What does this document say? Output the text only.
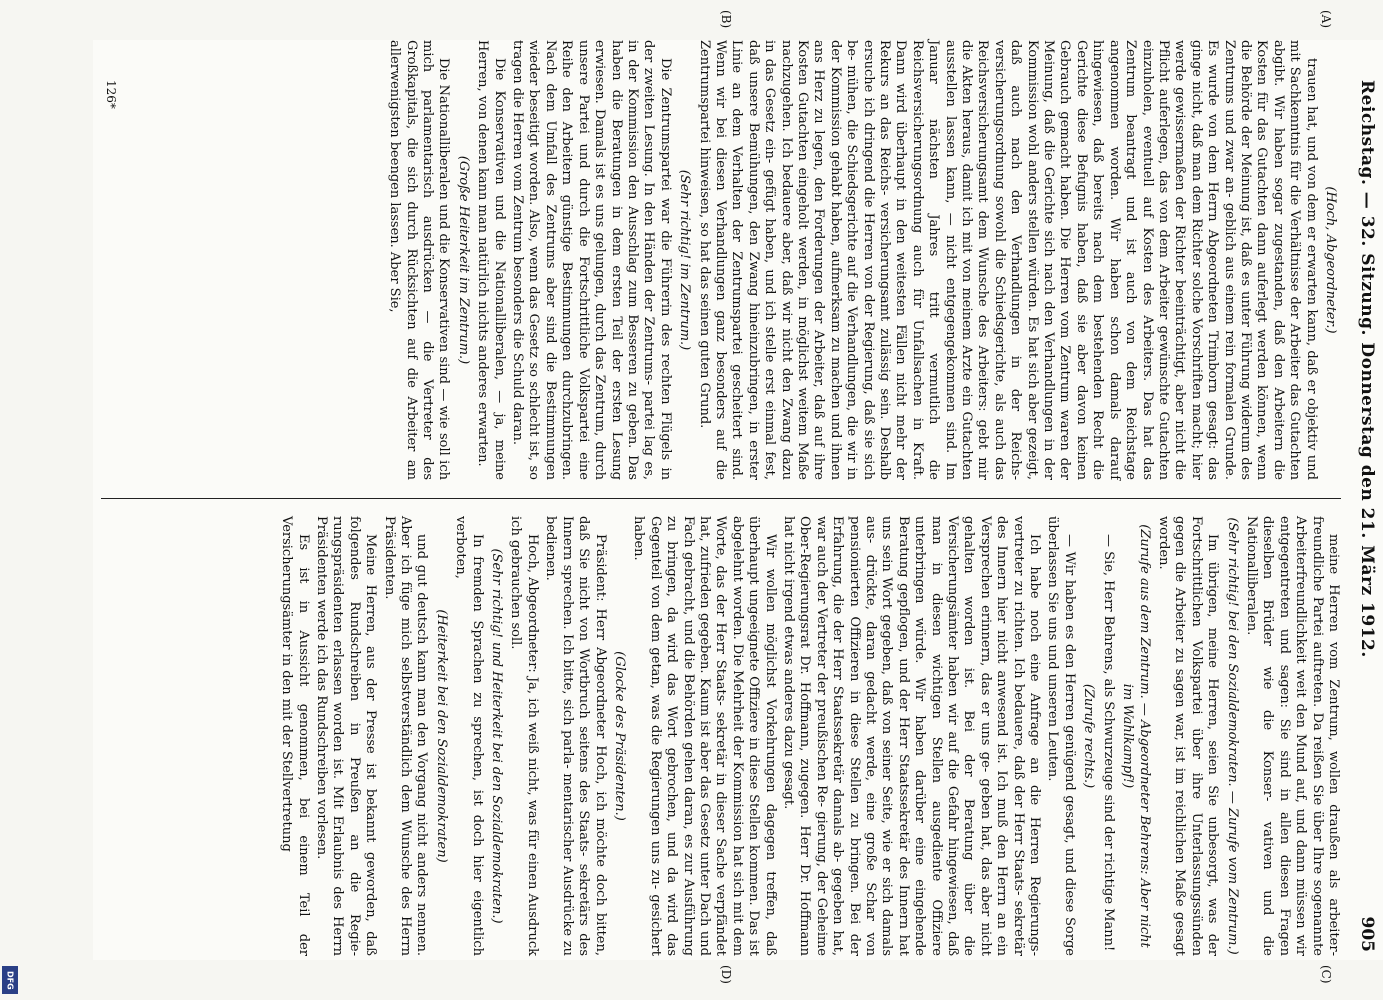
Reichstag. — 32. Sitzung. Donnerstag den 21. März 1912.
905
(A)
(B)
(C)
(D)
(Hoch, Abgeordneter.)

trauen hat, und von dem er erwarten kann, daß er objektiv und mit Sachkenntnis für die Verhältnisse der Arbeiter das Gutachten abgibt. Wir haben sogar zugestanden, daß den Arbeitern die Kosten für das Gutachten dann auferlegt werden können, wenn die Behörde der Meinung ist, daß es unter Führung widerum des Zentrums und zwar an- geblich aus einem rein formalen Grunde. Es wurde von dem Herrn Abgeordneten Trimborn gesagt: das ginge nicht, daß man dem Richter solche Vorschriften macht; hier werde gewissermaßen der Richter beeinträchtigt, aber nicht die Pflicht auferlegen, das von dem Arbeiter gewünschte Gutachten einzuholen, eventuell auf Kosten des Arbeiters. Das hat das Zentrum beantragt und ist auch von dem Reichstage angenommen worden. Wir haben schon damals darauf hingewiesen, daß bereits nach dem bestehenden Recht die Gerichte diese Befugnis haben, daß sie aber davon keinen Gebrauch gemacht haben. Die Herren vom Zentrum waren der Meinung, daß die Gerichte sich nach den Verhandlungen in der Kommission wohl anders stellen würden. Es hat sich aber gezeigt, daß auch nach den Verhandlungen in der Reichs- versicherungsordnung sowohl die Schiedsgerichte, als auch das Reichsversicherungsamt dem Wunsche des Arbeiters: gebt mir die Akten heraus, damit ich mit von meinem Arzte ein Gutachten ausstellen lassen kann, — nicht entgegengekommen sind. Im Januar nächsten Jahres tritt vermutlich die Reichsversicherungsordnung auch für Unfallsachen in Kraft. Dann wird überhaupt in den weitesten Fällen nicht mehr der Rekurs an das Reichs- versicherungsamt zulässig sein. Deshalb ersuche ich dringend die Herren von der Regierung, daß sie sich be- mühen, die Schiedsgerichte auf die Verhandlungen, die wir in der Kommission gehabt haben, aufmerksam zu machen und ihnen ans Herz zu legen, den Forderungen der Arbeiter, daß auf ihre Kosten Gutachten eingeholt werden, in möglichst weitem Maße nachzugehen. Ich bedauere aber, daß wir nicht den Zwang dazu in das Gesetz ein- gefügt haben, und ich stelle erst einmal fest, daß unsere Bemühungen, den Zwang hineinzubringen, in erster Linie an dem Verhalten der Zentrumspartei gescheitert sind. Wenn wir bei diesen Verhandlungen ganz besonders auf die Zentrumspartei hinweisen, so hat das seinen guten Grund.

(Sehr richtig! im Zentrum.)

Die Zentrumspartei war die Führerin des rechten Flügels in der zweiten Lesung. In den Händen der Zentrums- partei lag es, in der Kommission den Ausschlag zum Besseren zu geben. Das haben die Beratungen in dem ersten Teil der ersten Lesung erwiesen. Damals ist es uns gelungen, durch das Zentrum, durch unsere Partei und durch die Fortschrittliche Volkspartei eine Reihe den Arbeitern günstige Bestimmungen durchzubringen. Nach dem Umfall des Zentrums aber sind die Bestimmungen wieder beseitigt worden. Also, wenn das Gesetz so schlecht ist, so tragen die Herren vom Zentrum besonders die Schuld daran.

Die Konservativen und die Nationalliberalen, — ja, meine Herren, von denen kann man natürlich nichts anderes erwarten.

(Große Heiterkeit im Zentrum.)

Die Nationalliberalen und die Konservativen sind — wie soll ich mich parlamentarisch ausdrücken — die Vertreter des Großkapitals, die sich durch Rücksichten auf die Arbeiter am allerwenigsten beengen lassen. Aber Sie,

meine Herren vom Zentrum, wollen draußen als arbeiter- freundliche Partei auftreten. Da reißen Sie über Ihre sogenannte Arbeiterfreundlichkeit weit den Mund auf, und dann müssen wir entgegentreten und sagen: Sie sind in allen diesen Fragen dieselben Brüder wie die Konser- vativen und die Nationalliberalen.

(Sehr richtig! bei den Sozialdemokraten. — Zurufe vom Zentrum.)

Im übrigen, meine Herren, seien Sie unbesorgt, was der Fortschrittlichen Volkspartei über ihre Unterlassungssünden gegen die Arbeiter zu sagen war, ist im reichlichen Maße gesagt worden.

(Zurufe aus dem Zentrum. — Abgeordneter Behrens: Aber nicht im Wahlkampf!)

— Sie, Herr Behrens, als Schwurzeuge sind der richtige Mann!

(Zurufe rechts.)

— Wir haben es den Herren genügend gesagt, und diese Sorge überlassen Sie uns und unseren Leuten.

Ich habe noch eine Anfrage an die Herren Regierungs- vertreter zu richten. Ich bedauere, daß der Herr Staats- sekretär des Innern hier nicht anwesend ist. Ich muß den Herrn an ein Versprechen erinnern, das er uns ge- geben hat, das aber nicht gehalten worden ist. Bei der Beratung über die Versicherungsämter haben wir auf die Gefahr hingewiesen, daß man in diesen wichtigen Stellen ausgediente Offiziere unterbringen würde. Wir haben darüber eine eingehende Beratung gepflogen, und der Herr Staatssekretär des Innern hat uns sein Wort gegeben, daß von seiner Seite, wie er sich damals aus- drückte, daran gedacht werde, eine große Schar von pensionierten Offizieren in diese Stellen zu bringen. Bei der Erfahrung, die der Herr Staatssekretär damals ab- gegeben hat, war auch der Vertreter der preußischen Re- gierung, der Geheime Ober-Regierungsrat Dr. Hoffmann, zugegen. Herr Dr. Hoffmann hat nicht irgend etwas anderes dazu gesagt.

Wir wollen möglichst Vorkehrungen dagegen treffen, daß überhaupt ungeeignete Offiziere in diese Stellen kommen. Das ist abgelehnt worden. Die Mehrheit der Kommission hat sich mit dem Worte, das der Herr Staats- sekretär in dieser Sache verpfändet hat, zufrieden gegeben. Kaum ist aber das Gesetz unter Dach und Fach gebracht, und die Behörden gehen daran, es zur Ausführung zu bringen, da wird das Wort gebrochen, und da wird das Gegenteil von dem getan, was die Regierungen uns zu- gesichert haben.

(Glocke des Präsidenten.)

Präsident: Herr Abgeordneter Hoch, ich möchte doch bitten, daß Sie nicht von Wortbruch seitens des Staats- sekretärs des Innern sprechen. Ich bitte, sich parla- mentarischer Ausdrücke zu bedienen.

Hoch, Abgeordneter: Ja, ich weiß nicht, was für einen Ausdruck ich gebrauchen soll.

(Sehr richtig! und Heiterkeit bei den Sozialdemokraten.)

In fremden Sprachen zu sprechen, ist doch hier eigentlich verboten,

(Heiterkeit bei den Sozialdemokraten)

und gut deutsch kann man den Vorgang nicht anders nennen. Aber ich füge mich selbstverständlich dem Wunsche des Herrn Präsidenten.

Meine Herren, aus der Presse ist bekannt geworden, daß folgendes Rundschreiben in Preußen an die Regie- rungspräsidenten erlassen worden ist. Mit Erlaubnis des Herrn Präsidenten werde ich das Rundschreiben vorlesen.

Es ist in Aussicht genommen, bei einem Teil der Versicherungsämter in den mit der Stellvertretung

126*
DFG
